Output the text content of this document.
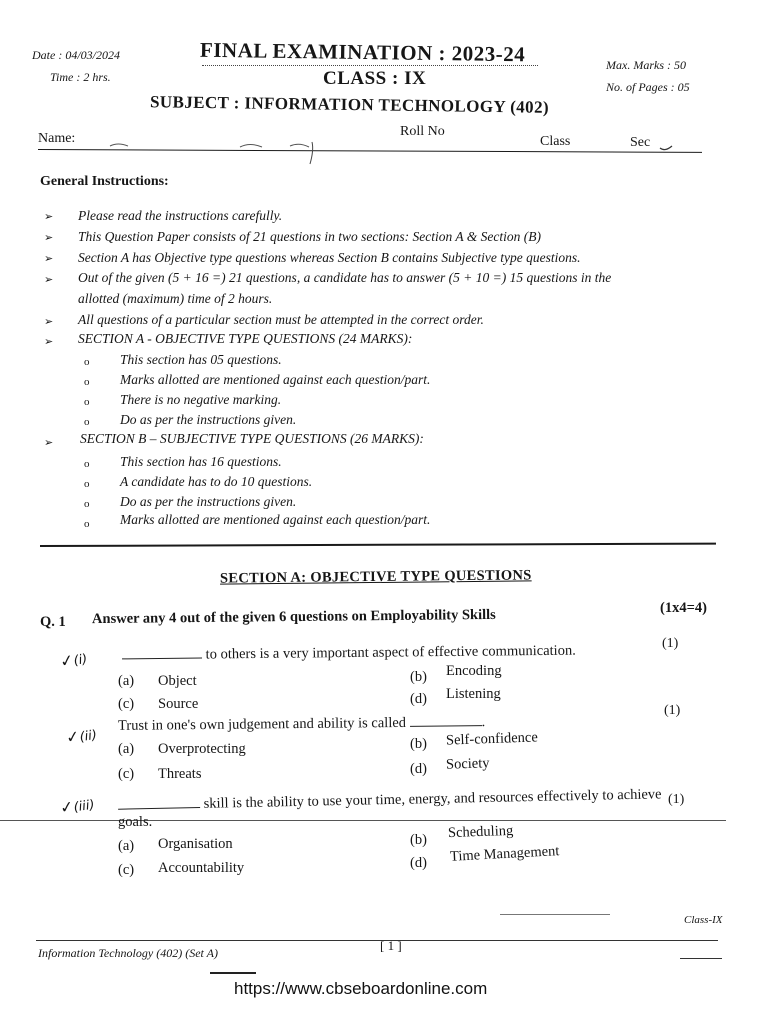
Date : 04/03/2024
Time : 2 hrs.
FINAL EXAMINATION : 2023-24
CLASS : IX
SUBJECT : INFORMATION TECHNOLOGY (402)
Max. Marks : 50
No. of Pages : 05
Name:	Roll No
Class	Sec
General Instructions:
➢ Please read the instructions carefully.
➢ This Question Paper consists of 21 questions in two sections: Section A & Section (B)
➢ Section A has Objective type questions whereas Section B contains Subjective type questions.
➢ Out of the given (5 + 16 =) 21 questions, a candidate has to answer (5 + 10 =) 15 questions in the
allotted (maximum) time of 2 hours.
➢ All questions of a particular section must be attempted in the correct order.
➢ SECTION A - OBJECTIVE TYPE QUESTIONS (24 MARKS):
o This section has 05 questions.
o Marks allotted are mentioned against each question/part.
o There is no negative marking.
o Do as per the instructions given.
➢ SECTION B – SUBJECTIVE TYPE QUESTIONS (26 MARKS):
o This section has 16 questions.
o A candidate has to do 10 questions.
o Do as per the instructions given.
o Marks allotted are mentioned against each question/part.
SECTION A: OBJECTIVE TYPE QUESTIONS
Q. 1 Answer any 4 out of the given 6 questions on Employability Skills	(1x4=4)
✓(i)	to others is a very important aspect of effective communication.	(1)
(a) Object	(b) Encoding
(c) Source	(d) Listening
✓(ii)
Trust in one's own judgement and ability is called	.
(1)
(a) Overprotecting	(b) Self-confidence
(c) Threats	(d) Society
✓(iii)	skill is the ability to use your time, energy, and resources effectively to achieve (1)
goals.
(a) Organisation	(b) Scheduling
(c) Accountability	(d) Time Management
Class-IX
Information Technology (402) (Set A)	[ 1 ]
https://www.cbseboardonline.com
